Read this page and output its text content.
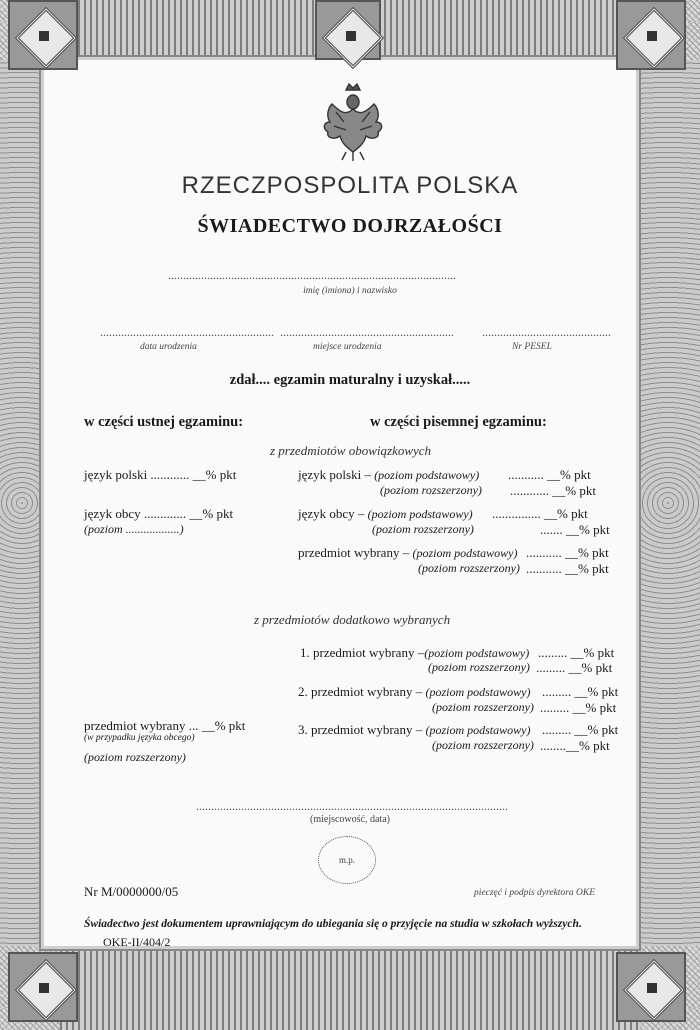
RZECZPOSPOLITA POLSKA
ŚWIADECTWO DOJRZAŁOŚCI
................................................................................................
imię (imiona) i nazwisko
..........................................................
data urodzenia
..........................................................
miejsce urodzenia
...........................................
Nr PESEL
zdał.... egzamin maturalny i uzyskał.....
w części ustnej egzaminu:	w części pisemnej egzaminu:
z przedmiotów obowiązkowych
język polski ............ __% pkt
język obcy ............. __% pkt
(poziom ..................)
język polski – (poziom podstawowy) ........... __% pkt
(poziom rozszerzony) ............ __% pkt
język obcy – (poziom podstawowy) ............... __% pkt
(poziom rozszerzony)	....... __% pkt
przedmiot wybrany – (poziom podstawowy) ........... __% pkt
(poziom rozszerzony) ........... __% pkt
z przedmiotów dodatkowo wybranych
1. przedmiot wybrany –(poziom podstawowy) ......... __% pkt
(poziom rozszerzony) ......... __% pkt
2. przedmiot wybrany – (poziom podstawowy) ......... __% pkt
(poziom rozszerzony) ......... __% pkt
3. przedmiot wybrany – (poziom podstawowy) ......... __% pkt
(poziom rozszerzony) ........__% pkt
przedmiot wybrany ... __% pkt
(w przypadku języka obcego)
(poziom rozszerzony)
........................................................................................................
(miejscowość, data)
m.p.
Nr M/0000000/05	pieczęć i podpis dyrektora OKE
Świadectwo jest dokumentem uprawniającym do ubiegania się o przyjęcie na studia w szkołach wyższych.
OKE-II/404/2
